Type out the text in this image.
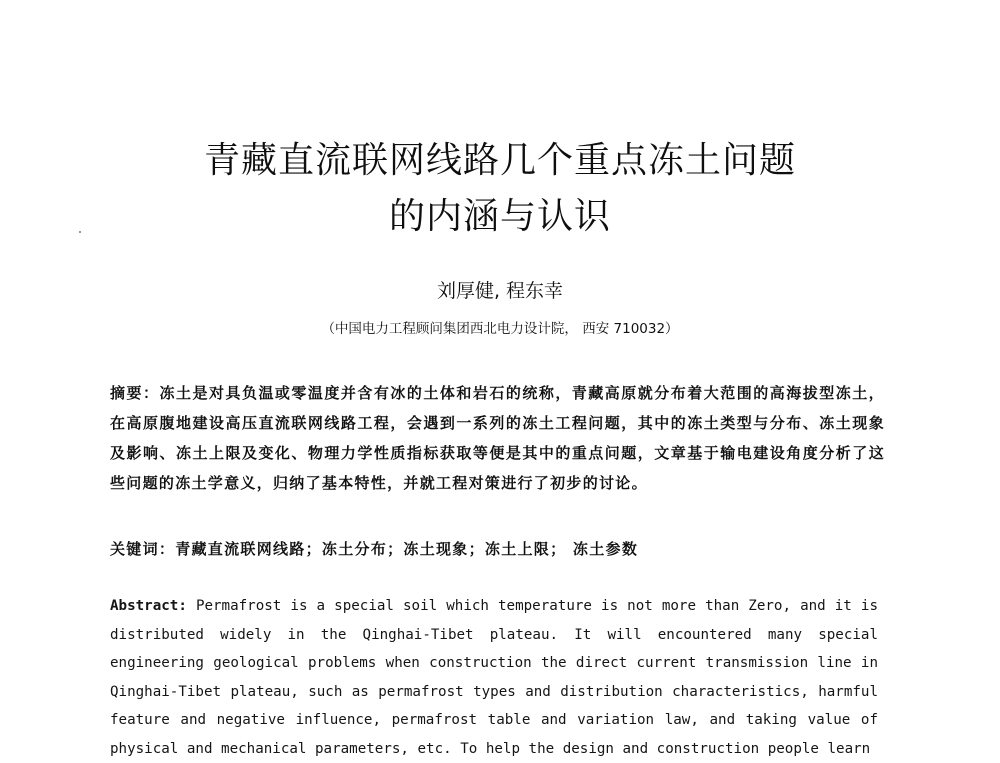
青藏直流联网线路几个重点冻土问题
的内涵与认识
刘厚健, 程东幸
（中国电力工程顾问集团西北电力设计院， 西安 710032）
摘要：冻土是对具负温或零温度并含有冰的土体和岩石的统称，青藏高原就分布着大范围的高海拔型冻土，在高原腹地建设高压直流联网线路工程，会遇到一系列的冻土工程问题，其中的冻土类型与分布、冻土现象及影响、冻土上限及变化、物理力学性质指标获取等便是其中的重点问题，文章基于输电建设角度分析了这些问题的冻土学意义，归纳了基本特性，并就工程对策进行了初步的讨论。
关键词：青藏直流联网线路；冻土分布；冻土现象；冻土上限； 冻土参数
Abstract: Permafrost is a special soil which temperature is not more than Zero, and it is distributed widely in the Qinghai-Tibet plateau. It will encountered many special engineering geological problems when construction the direct current transmission line in Qinghai-Tibet plateau, such as permafrost types and distribution characteristics, harmful feature and negative influence, permafrost table and variation law, and taking value of physical and mechanical parameters, etc. To help the design and construction people learn
